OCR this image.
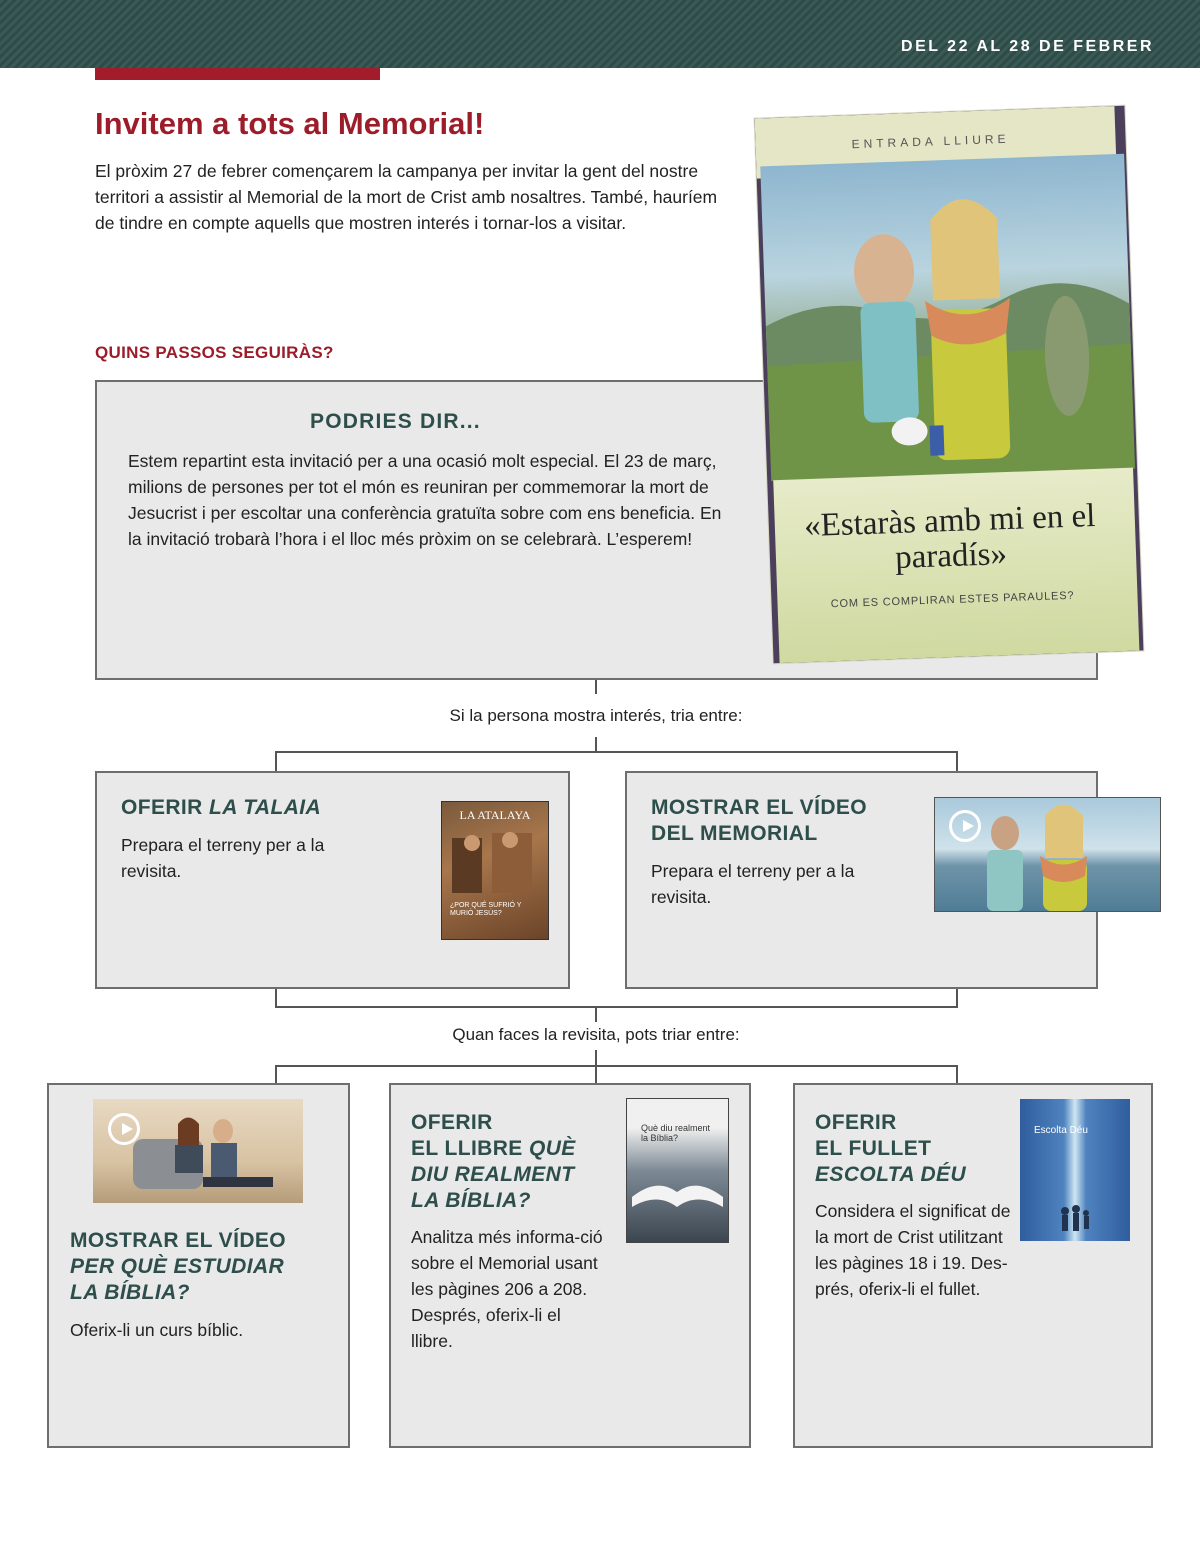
DEL 22 AL 28 DE FEBRER
Invitem a tots al Memorial!
El pròxim 27 de febrer començarem la campanya per invitar la gent del nostre territori a assistir al Memorial de la mort de Crist amb nosaltres. També, hauríem de tindre en compte aquells que mostren interés i tornar-los a visitar.
QUINS PASSOS SEGUIRÀS?
PODRIES DIR...
Estem repartint esta invitació per a una ocasió molt especial. El 23 de març, milions de persones per tot el món es reuniran per commemorar la mort de Jesucrist i per escoltar una conferència gratuïta sobre com ens beneficia. En la invitació trobarà l’hora i el lloc més pròxim on se celebrarà. L’esperem!
ENTRADA LLIURE
«Estaràs amb mi en el paradís»
COM ES COMPLIRAN ESTES PARAULES?
Si la persona mostra interés, tria entre:
OFERIR LA TALAIA
Prepara el terreny per a la revisita.
LA ATALAYA
¿POR QUÉ SUFRIÓ Y MURIÓ JESÚS?
MOSTRAR EL VÍDEO
DEL MEMORIAL
Prepara el terreny per a la revisita.
Quan faces la revisita, pots triar entre:
MOSTRAR EL VÍDEO
PER QUÈ ESTUDIAR
LA BÍBLIA?
Oferix-li un curs bíblic.
OFERIR
EL LLIBRE QUÈ
DIU REALMENT
LA BÍBLIA?
Analitza més informa-ció sobre el Memorial usant les pàgines 206 a 208. Després, oferix-li el llibre.
Què diu realment la Bíblia?
OFERIR
EL FULLET
ESCOLTA DÉU
Considera el significat de la mort de Crist utilitzant les pàgines 18 i 19. Des-prés, oferix-li el fullet.
Escolta Déu
